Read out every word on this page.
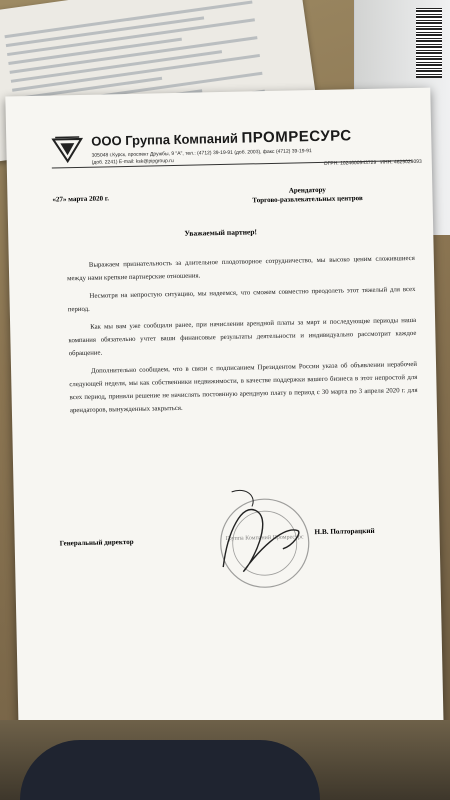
ООО Группа Компаний ПРОМРЕСУРС
305048 г.Курск, проспект Дружбы, 9 "А", тел.: (4712) 39-19-91 (доб. 2003), факс (4712) 39-19-91
(доб. 2241) E-mail: ksk@pipgroup.ru	ОГРН: 1024600943729 ИНН: 4629028093
«27» марта 2020 г.
Арендатору
Торгово-развлекательных центров
Уважаемый партнер!

Выражаем признательность за длительное плодотворное сотрудничество, мы высоко ценим сложившиеся между нами крепкие партнерские отношения.

Несмотря на непростую ситуацию, мы надеемся, что сможем совместно преодолеть этот тяжелый для всех период.

Как мы вам уже сообщали ранее, при начислении арендной платы за март и последующие периоды наша компания обязательно учтет ваши финансовые результаты деятельности и индивидуально рассмотрит каждое обращение.

Дополнительно сообщаем, что в связи с подписанием Президентом России указа об объявлении нерабочей следующей недели, мы как собственники недвижимости, в качестве поддержки вашего бизнеса в этот непростой для всех период, приняли решение не начислять постоянную арендную плату в период с 30 марта по 3 апреля 2020 г. для арендаторов, вынужденных закрыться.

Группа Компаний Промресурс
Генеральный директор
Н.В. Полторацкий
